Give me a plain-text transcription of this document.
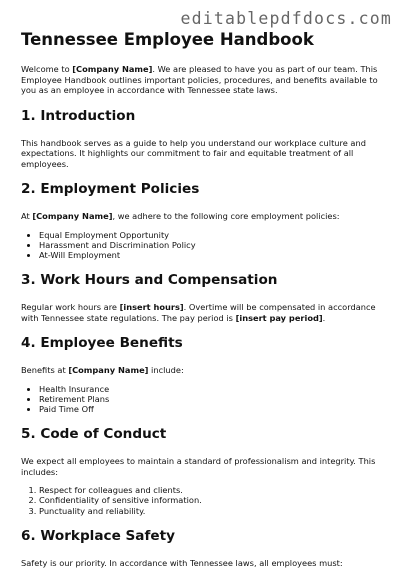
editablepdfdocs.com
Tennessee Employee Handbook

Welcome to [Company Name]. We are pleased to have you as part of our team. This Employee Handbook outlines important policies, procedures, and benefits available to you as an employee in accordance with Tennessee state laws.

1. Introduction

This handbook serves as a guide to help you understand our workplace culture and expectations. It highlights our commitment to fair and equitable treatment of all employees.

2. Employment Policies

At [Company Name], we adhere to the following core employment policies:

• Equal Employment Opportunity
• Harassment and Discrimination Policy
• At-Will Employment
3. Work Hours and Compensation

Regular work hours are [insert hours]. Overtime will be compensated in accordance with Tennessee state regulations. The pay period is [insert pay period].

4. Employee Benefits

Benefits at [Company Name] include:

• Health Insurance
• Retirement Plans
• Paid Time Off
5. Code of Conduct

We expect all employees to maintain a standard of professionalism and integrity. This includes:

1. Respect for colleagues and clients.
2. Confidentiality of sensitive information.
3. Punctuality and reliability.
6. Workplace Safety

Safety is our priority. In accordance with Tennessee laws, all employees must:
